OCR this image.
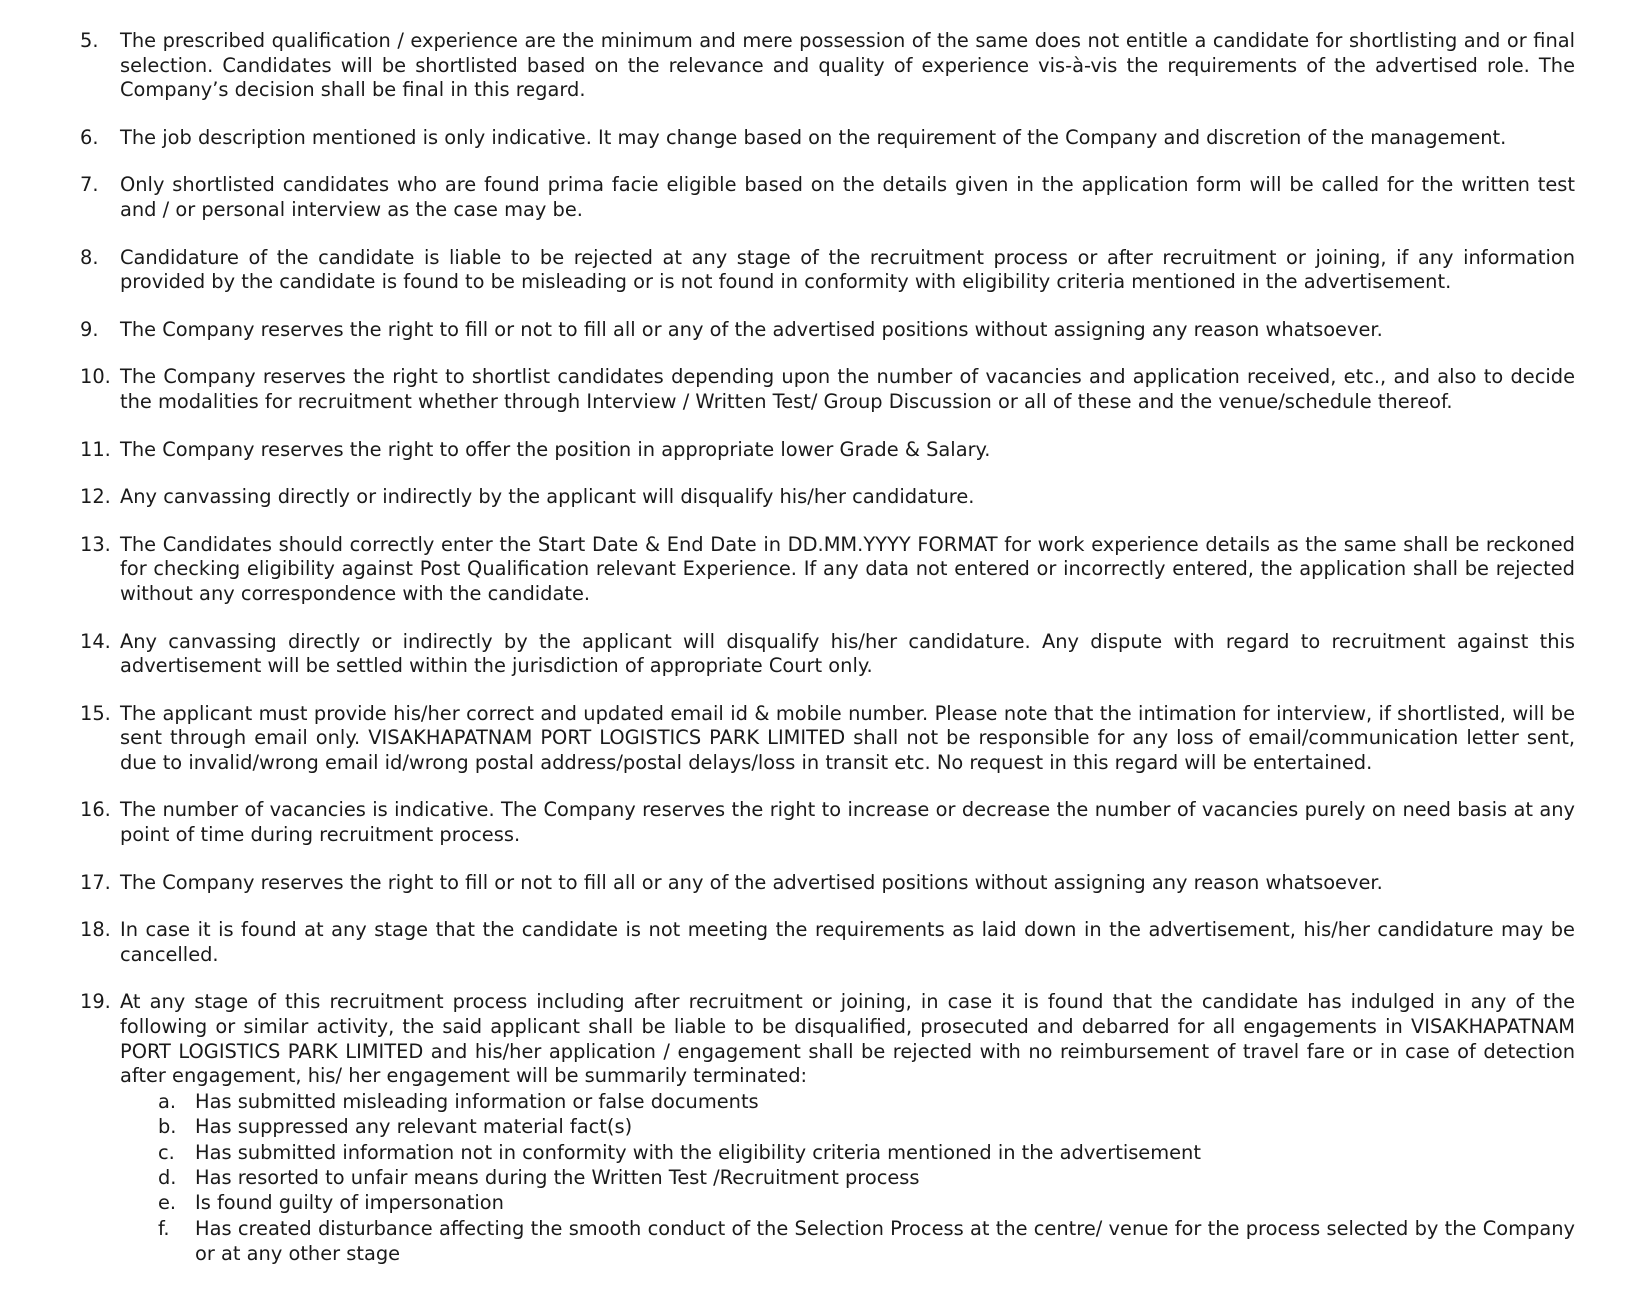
5.	The prescribed qualification / experience are the minimum and mere possession of the same does not entitle a candidate for shortlisting and or final selection. Candidates will be shortlisted based on the relevance and quality of experience vis-à-vis the requirements of the advertised role. The Company’s decision shall be final in this regard.
6.	The job description mentioned is only indicative. It may change based on the requirement of the Company and discretion of the management.
7.	Only shortlisted candidates who are found prima facie eligible based on the details given in the application form will be called for the written test and / or personal interview as the case may be.
8.	Candidature of the candidate is liable to be rejected at any stage of the recruitment process or after recruitment or joining, if any information provided by the candidate is found to be misleading or is not found in conformity with eligibility criteria mentioned in the advertisement.
9.	The Company reserves the right to fill or not to fill all or any of the advertised positions without assigning any reason whatsoever.
10. The Company reserves the right to shortlist candidates depending upon the number of vacancies and application received, etc., and also to decide the modalities for recruitment whether through Interview / Written Test/ Group Discussion or all of these and the venue/schedule thereof.
11. The Company reserves the right to offer the position in appropriate lower Grade & Salary.
12. Any canvassing directly or indirectly by the applicant will disqualify his/her candidature.
13. The Candidates should correctly enter the Start Date & End Date in DD.MM.YYYY FORMAT for work experience details as the same shall be reckoned for checking eligibility against Post Qualification relevant Experience. If any data not entered or incorrectly entered, the application shall be rejected without any correspondence with the candidate.
14. Any canvassing directly or indirectly by the applicant will disqualify his/her candidature. Any dispute with regard to recruitment against this advertisement will be settled within the jurisdiction of appropriate Court only.
15. The applicant must provide his/her correct and updated email id & mobile number. Please note that the intimation for interview, if shortlisted, will be sent through email only. VISAKHAPATNAM PORT LOGISTICS PARK LIMITED shall not be responsible for any loss of email/communication letter sent, due to invalid/wrong email id/wrong postal address/postal delays/loss in transit etc. No request in this regard will be entertained.
16. The number of vacancies is indicative. The Company reserves the right to increase or decrease the number of vacancies purely on need basis at any point of time during recruitment process.
17. The Company reserves the right to fill or not to fill all or any of the advertised positions without assigning any reason whatsoever.
18. In case it is found at any stage that the candidate is not meeting the requirements as laid down in the advertisement, his/her candidature may be cancelled.
19. At any stage of this recruitment process including after recruitment or joining, in case it is found that the candidate has indulged in any of the following or similar activity, the said applicant shall be liable to be disqualified, prosecuted and debarred for all engagements in VISAKHAPATNAM PORT LOGISTICS PARK LIMITED and his/her application / engagement shall be rejected with no reimbursement of travel fare or in case of detection after engagement, his/ her engagement will be summarily terminated:
a. Has submitted misleading information or false documents
b. Has suppressed any relevant material fact(s)
c. Has submitted information not in conformity with the eligibility criteria mentioned in the advertisement
d. Has resorted to unfair means during the Written Test /Recruitment process
e. Is found guilty of impersonation
f. Has created disturbance affecting the smooth conduct of the Selection Process at the centre/ venue for the process selected by the Company or at any other stage
